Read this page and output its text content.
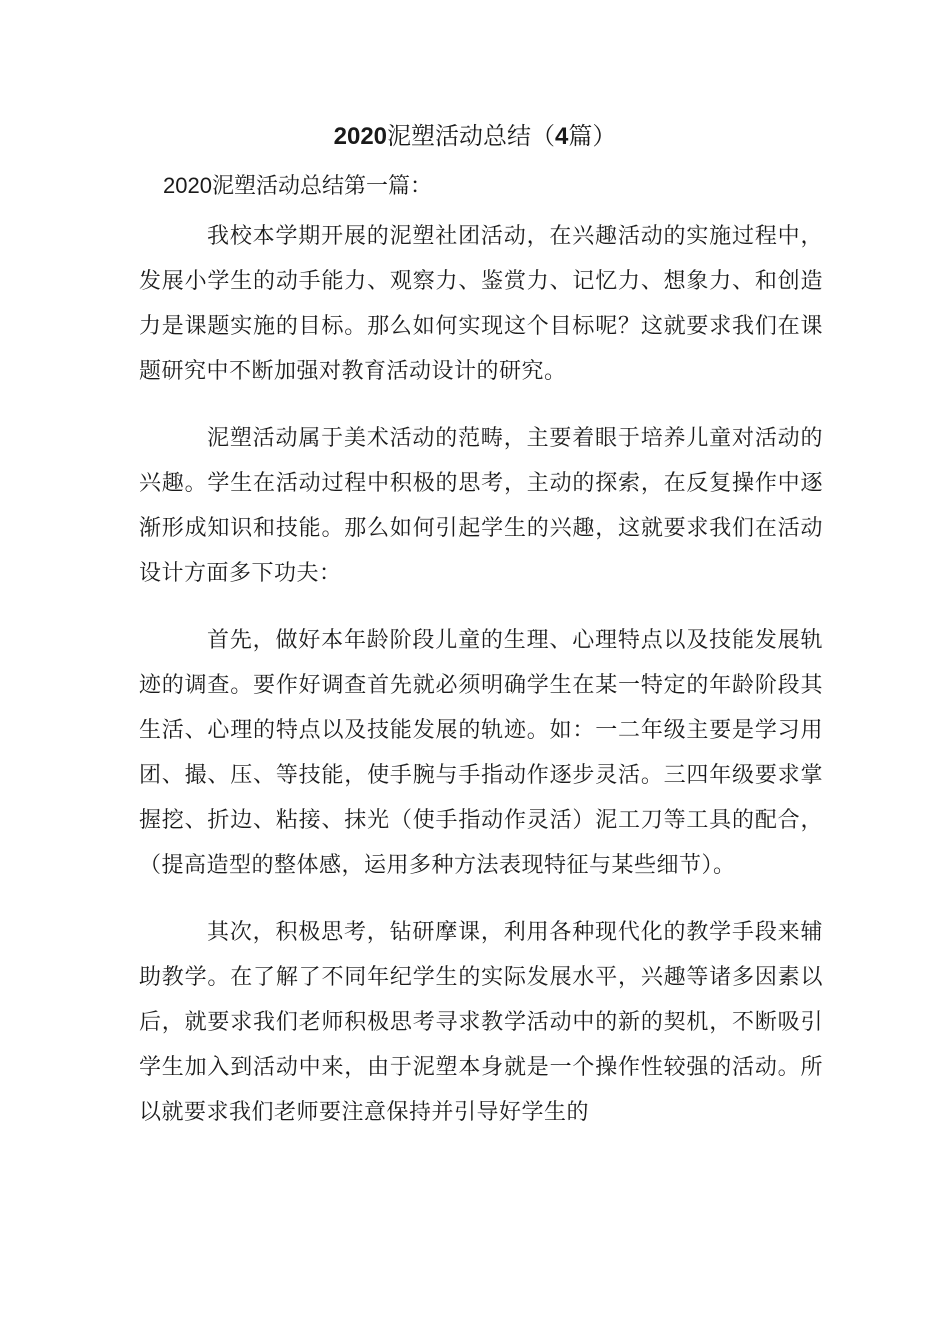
2020泥塑活动总结（4篇）

2020泥塑活动总结第一篇：

我校本学期开展的泥塑社团活动，在兴趣活动的实施过程中，发展小学生的动手能力、观察力、鉴赏力、记忆力、想象力、和创造力是课题实施的目标。那么如何实现这个目标呢？这就要求我们在课题研究中不断加强对教育活动设计的研究。

泥塑活动属于美术活动的范畴，主要着眼于培养儿童对活动的兴趣。学生在活动过程中积极的思考，主动的探索，在反复操作中逐渐形成知识和技能。那么如何引起学生的兴趣，这就要求我们在活动设计方面多下功夫：

首先，做好本年龄阶段儿童的生理、心理特点以及技能发展轨迹的调查。要作好调查首先就必须明确学生在某一特定的年龄阶段其生活、心理的特点以及技能发展的轨迹。如：一二年级主要是学习用团、撮、压、等技能，使手腕与手指动作逐步灵活。三四年级要求掌握挖、折边、粘接、抹光（使手指动作灵活）泥工刀等工具的配合，（提高造型的整体感，运用多种方法表现特征与某些细节）。

其次，积极思考，钻研摩课，利用各种现代化的教学手段来辅助教学。在了解了不同年纪学生的实际发展水平，兴趣等诸多因素以后，就要求我们老师积极思考寻求教学活动中的新的契机，不断吸引学生加入到活动中来，由于泥塑本身就是一个操作性较强的活动。所以就要求我们老师要注意保持并引导好学生的
